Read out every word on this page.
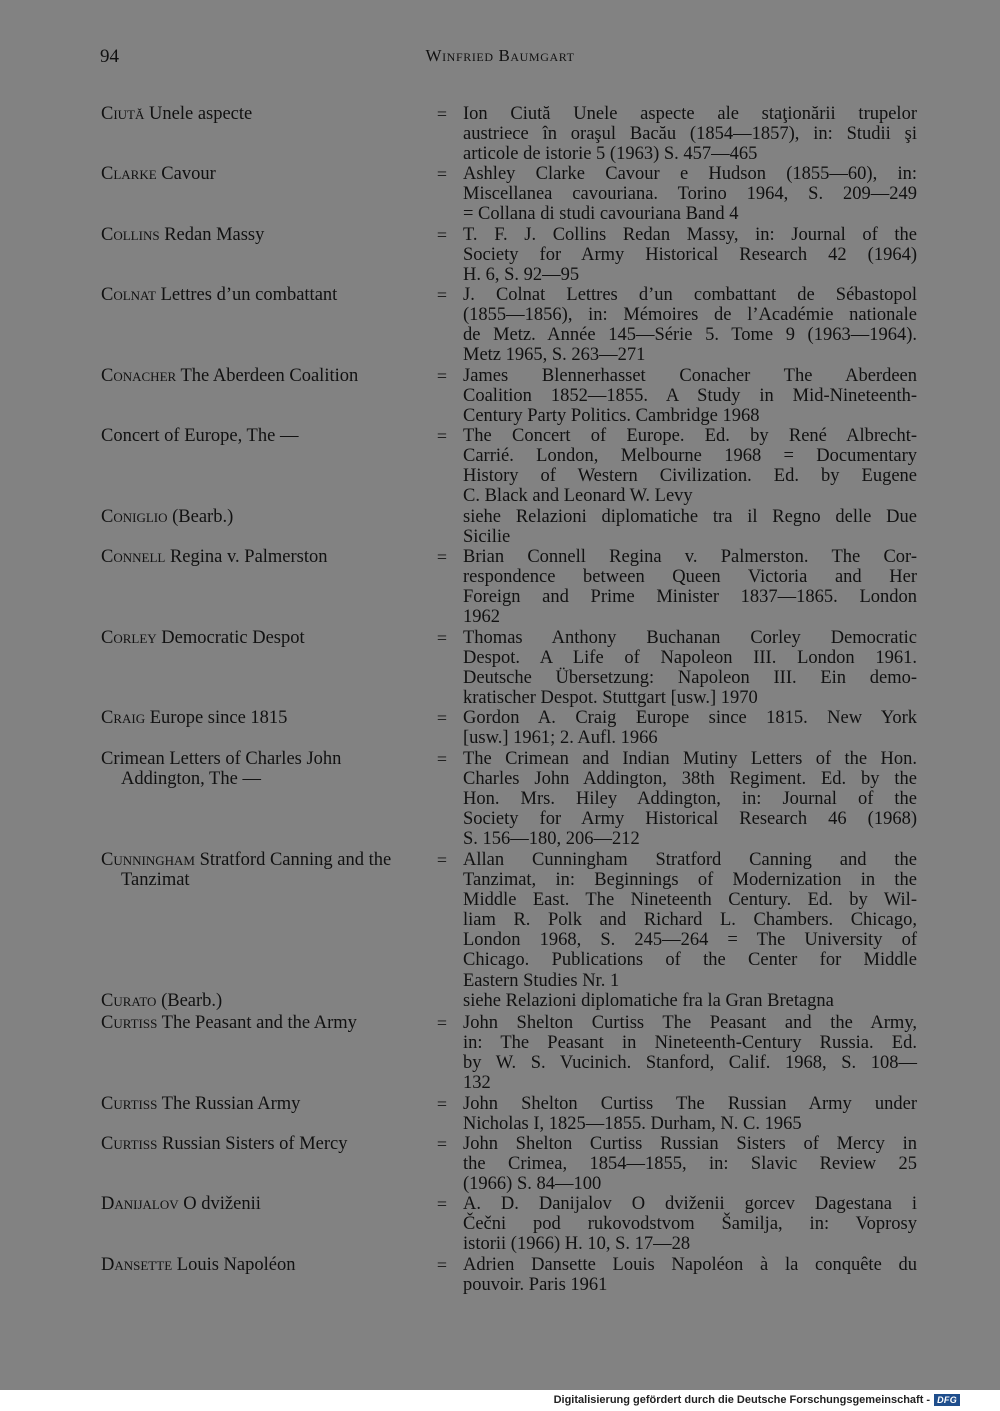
94	Winfried Baumgart
Ciută Unele aspecte	= Ion Ciută Unele aspecte ale staţionării trupelor
austriece în oraşul Bacău (1854—1857), in: Studii şi
articole de istorie 5 (1963) S. 457—465
Clarke Cavour	= Ashley Clarke Cavour e Hudson (1855—60), in:
Miscellanea cavouriana. Torino 1964, S. 209—249
= Collana di studi cavouriana Band 4
Collins Redan Massy	= T. F. J. Collins Redan Massy, in: Journal of the
Society for Army Historical Research 42 (1964)
H. 6, S. 92—95
Colnat Lettres d’un combattant	= J. Colnat Lettres d’un combattant de Sébastopol
(1855—1856), in: Mémoires de l’Académie nationale
de Metz. Année 145—Série 5. Tome 9 (1963—1964).
Metz 1965, S. 263—271
Conacher The Aberdeen Coalition	= James Blennerhasset Conacher The Aberdeen
Coalition 1852—1855. A Study in Mid-Nineteenth-
Century Party Politics. Cambridge 1968
Concert of Europe, The —	= The Concert of Europe. Ed. by René Albrecht-
Carrié. London, Melbourne 1968 = Documentary
History of Western Civilization. Ed. by Eugene
C. Black and Leonard W. Levy
Coniglio (Bearb.)	siehe Relazioni diplomatiche tra il Regno delle Due
Sicilie
Connell Regina v. Palmerston	= Brian Connell Regina v. Palmerston. The Cor-
respondence between Queen Victoria and Her
Foreign and Prime Minister 1837—1865. London
1962
Corley Democratic Despot	= Thomas Anthony Buchanan Corley Democratic
Despot. A Life of Napoleon III. London 1961.
Deutsche Übersetzung: Napoleon III. Ein demo-
kratischer Despot. Stuttgart [usw.] 1970
Craig Europe since 1815	= Gordon A. Craig Europe since 1815. New York
[usw.] 1961; 2. Aufl. 1966
Crimean Letters of Charles John Addington, The —
= The Crimean and Indian Mutiny Letters of the Hon.
Charles John Addington, 38th Regiment. Ed. by the
Hon. Mrs. Hiley Addington, in: Journal of the
Society for Army Historical Research 46 (1968)
S. 156—180, 206—212
Cunningham Stratford Canning and the Tanzimat
= Allan Cunningham Stratford Canning and the
Tanzimat, in: Beginnings of Modernization in the
Middle East. The Nineteenth Century. Ed. by Wil-
liam R. Polk and Richard L. Chambers. Chicago,
London 1968, S. 245—264 = The University of
Chicago. Publications of the Center for Middle
Eastern Studies Nr. 1
Curato (Bearb.)	siehe Relazioni diplomatiche fra la Gran Bretagna
Curtiss The Peasant and the Army	= John Shelton Curtiss The Peasant and the Army,
in: The Peasant in Nineteenth-Century Russia. Ed.
by W. S. Vucinich. Stanford, Calif. 1968, S. 108—
132
Curtiss The Russian Army	= John Shelton Curtiss The Russian Army under
Nicholas I, 1825—1855. Durham, N. C. 1965
Curtiss Russian Sisters of Mercy	= John Shelton Curtiss Russian Sisters of Mercy in
the Crimea, 1854—1855, in: Slavic Review 25
(1966) S. 84—100
Danijalov O dviženii	= A. D. Danijalov O dviženii gorcev Dagestana i
Čečni pod rukovodstvom Šamilja, in: Voprosy
istorii (1966) H. 10, S. 17—28
Dansette Louis Napoléon	= Adrien Dansette Louis Napoléon à la conquête du
pouvoir. Paris 1961
Digitalisierung gefördert durch die Deutsche Forschungsgemeinschaft - DFG
